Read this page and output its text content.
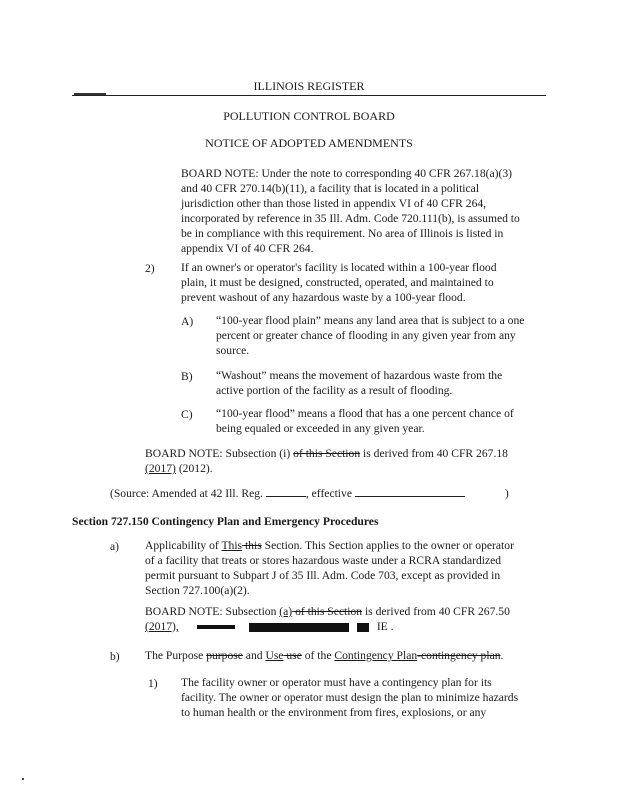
ILLINOIS REGISTER
POLLUTION CONTROL BOARD
NOTICE OF ADOPTED AMENDMENTS
BOARD NOTE: Under the note to corresponding 40 CFR 267.18(a)(3)
and 40 CFR 270.14(b)(11), a facility that is located in a political
jurisdiction other than those listed in appendix VI of 40 CFR 264,
incorporated by reference in 35 Ill. Adm. Code 720.111(b), is assumed to
be in compliance with this requirement. No area of Illinois is listed in
appendix VI of 40 CFR 264.
2) If an owner's or operator's facility is located within a 100-year flood
plain, it must be designed, constructed, operated, and maintained to
prevent washout of any hazardous waste by a 100-year flood.
A) “100-year flood plain” means any land area that is subject to a one
percent or greater chance of flooding in any given year from any
source.
B) “Washout” means the movement of hazardous waste from the
active portion of the facility as a result of flooding.
C) “100-year flood” means a flood that has a one percent chance of
being equaled or exceeded in any given year.
BOARD NOTE: Subsection (i) of this Section is derived from 40 CFR 267.18
(2017) (2012).
(Source: Amended at 42 Ill. Reg.	, effective	)
Section 727.150 Contingency Plan and Emergency Procedures
a) Applicability of This this Section. This Section applies to the owner or operator
of a facility that treats or stores hazardous waste under a RCRA standardized
permit pursuant to Subpart J of 35 Ill. Adm. Code 703, except as provided in
Section 727.100(a)(2).
BOARD NOTE: Subsection (a) of this Section is derived from 40 CFR 267.50
(2017),	IE .
b) The Purpose purpose and Use use of the Contingency Plan-contingency plan.
1) The facility owner or operator must have a contingency plan for its
facility. The owner or operator must design the plan to minimize hazards
to human health or the environment from fires, explosions, or any
